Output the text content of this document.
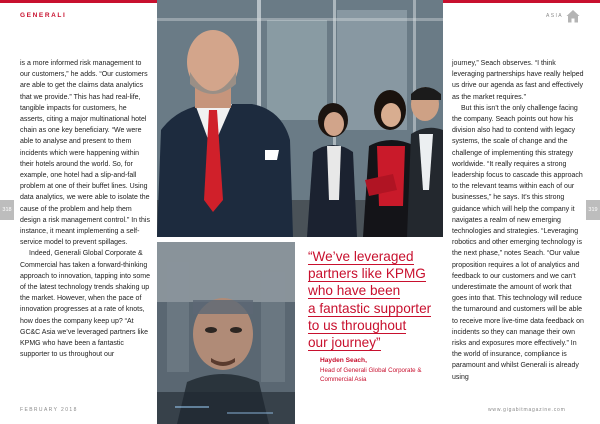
GENERALI	ASIA
318	319

is a more informed risk management to our customers,” he adds. “Our customers are able to get the claims data analytics that we provide.” This has had real-life, tangible impacts for customers, he asserts, citing a major multinational hotel chain as one key beneficiary. “We were able to analyse and present to them incidents which were happening within their hotels around the world. So, for example, one hotel had a slip-and-fall problem at one of their buffet lines. Using data analytics, we were able to isolate the cause of the problem and help them design a risk management control.” In this instance, it meant implementing a self-service model to prevent spillages.

Indeed, Generali Global Corporate & Commercial has taken a forward-thinking approach to innovation, tapping into some of the latest technology trends shaking up the market. However, when the pace of innovation progresses at a rate of knots, how does the company keep up? “At GC&C Asia we’ve leveraged partners like KPMG who have been a fantastic supporter to us throughout our

“We’ve leveraged
partners like KPMG
who have been
a fantastic supporter
to us throughout
our journey”
Hayden Seach,
Head of Generali Global Corporate & Commercial Asia

journey,” Seach observes. “I think leveraging partnerships have really helped us drive our agenda as fast and effectively as the market requires.”

But this isn’t the only challenge facing the company. Seach points out how his division also had to contend with legacy systems, the scale of change and the challenge of implementing this strategy worldwide. “It really requires a strong leadership focus to cascade this approach to the relevant teams within each of our businesses,” he says. It’s this strong guidance which will help the company it navigates a realm of new emerging technologies and strategies. “Leveraging robotics and other emerging technology is the next phase,” notes Seach. “Our value proposition requires a lot of analytics and feedback to our customers and we can’t underestimate the amount of work that goes into that. This technology will reduce the turnaround and customers will be able to receive more live-time data feedback on incidents so they can manage their own risks and exposures more effectively.” In the world of insurance, compliance is paramount and whilst Generali is already using

FEBRUARY 2018	www.gigabitmagazine.com
